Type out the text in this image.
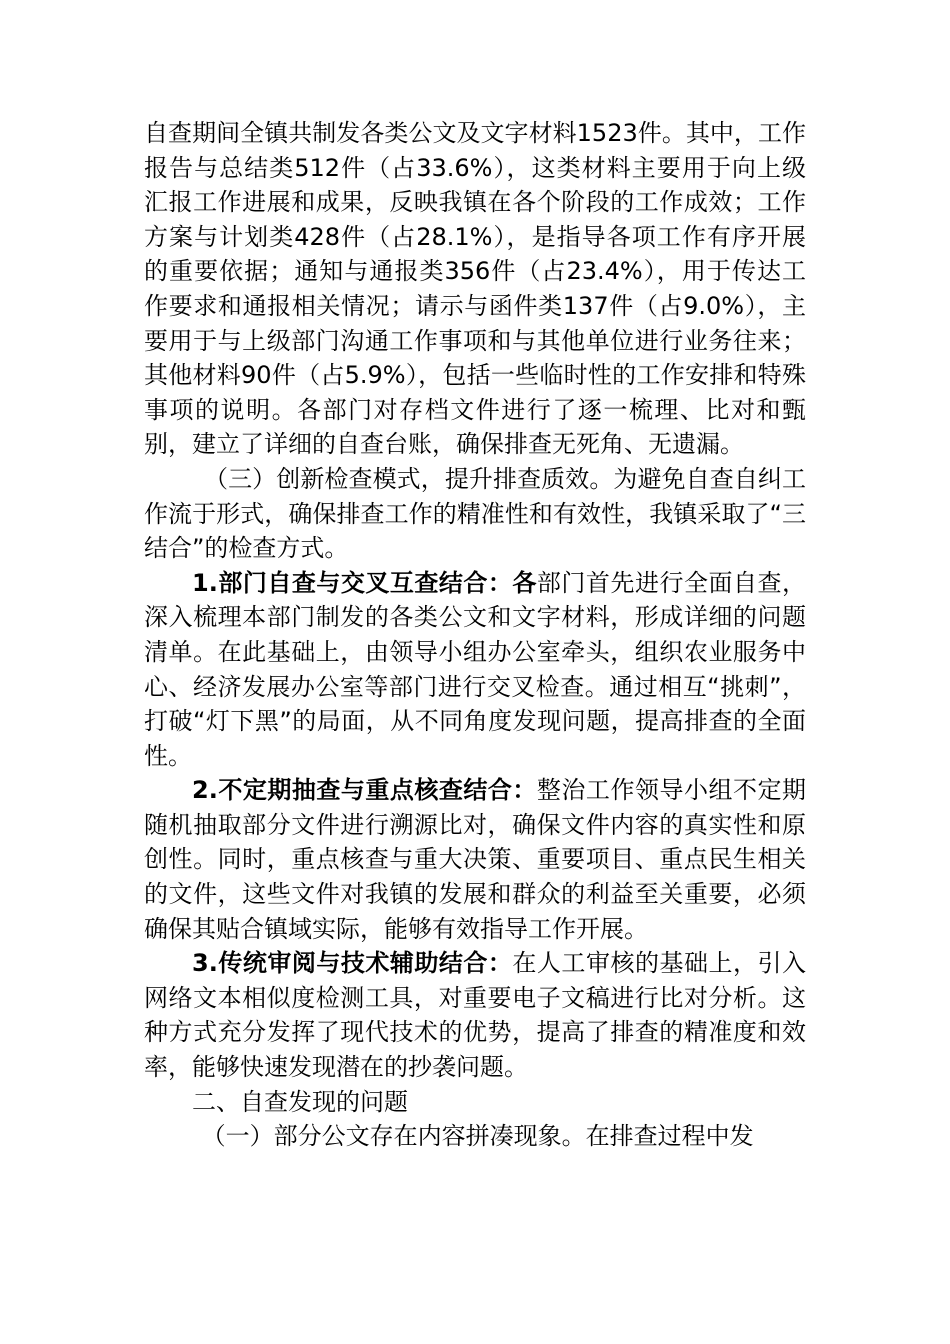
自查期间全镇共制发各类公文及文字材料1523件。其中，工作报告与总结类512件（占33.6%），这类材料主要用于向上级汇报工作进展和成果，反映我镇在各个阶段的工作成效；工作方案与计划类428件（占28.1%），是指导各项工作有序开展的重要依据；通知与通报类356件（占23.4%），用于传达工作要求和通报相关情况；请示与函件类137件（占9.0%），主要用于与上级部门沟通工作事项和与其他单位进行业务往来；其他材料90件（占5.9%），包括一些临时性的工作安排和特殊事项的说明。各部门对存档文件进行了逐一梳理、比对和甄别，建立了详细的自查台账，确保排查无死角、无遗漏。

（三）创新检查模式，提升排查质效。为避免自查自纠工作流于形式，确保排查工作的精准性和有效性，我镇采取了“三结合”的检查方式。

1.部门自查与交叉互查结合：各部门首先进行全面自查，深入梳理本部门制发的各类公文和文字材料，形成详细的问题清单。在此基础上，由领导小组办公室牵头，组织农业服务中心、经济发展办公室等部门进行交叉检查。通过相互“挑刺”，打破“灯下黑”的局面，从不同角度发现问题，提高排查的全面性。

2.不定期抽查与重点核查结合：整治工作领导小组不定期随机抽取部分文件进行溯源比对，确保文件内容的真实性和原创性。同时，重点核查与重大决策、重要项目、重点民生相关的文件，这些文件对我镇的发展和群众的利益至关重要，必须确保其贴合镇域实际，能够有效指导工作开展。

3.传统审阅与技术辅助结合：在人工审核的基础上，引入网络文本相似度检测工具，对重要电子文稿进行比对分析。这种方式充分发挥了现代技术的优势，提高了排查的精准度和效率，能够快速发现潜在的抄袭问题。

二、自查发现的问题

（一）部分公文存在内容拼凑现象。在排查过程中发
